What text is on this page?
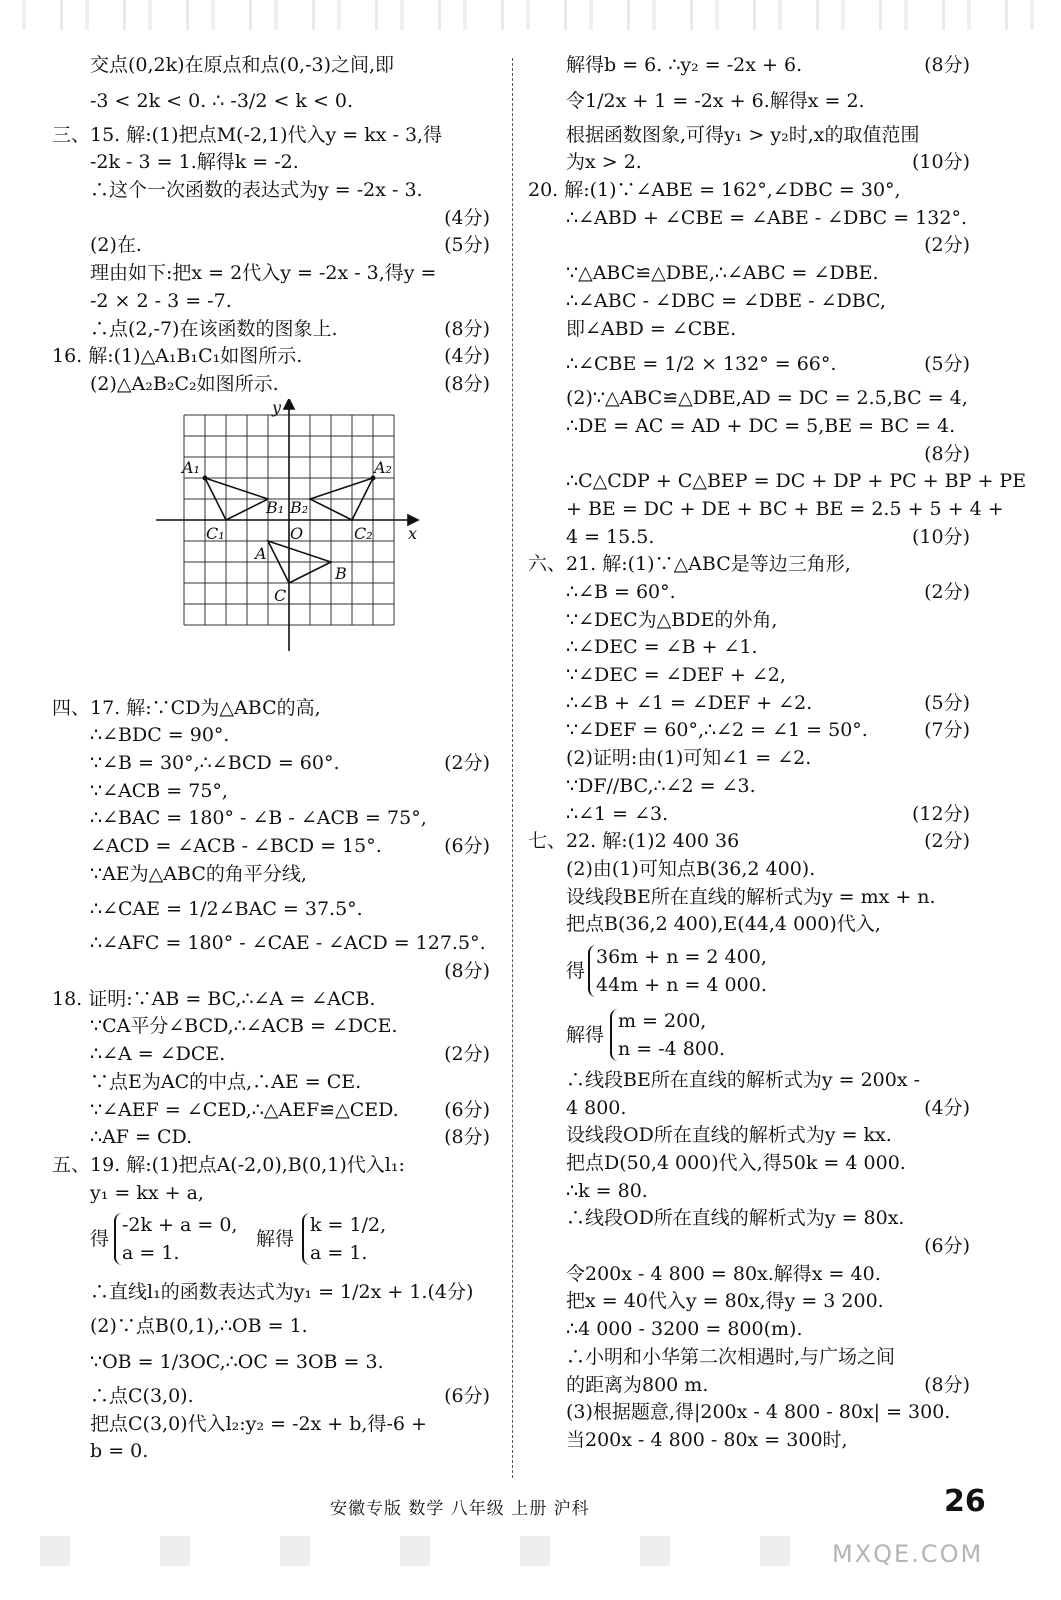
交点(0,2k)在原点和点(0,-3)之间,即
-3 < 2k < 0. ∴ -3/2 < k < 0.
三、15. 解:(1)把点M(-2,1)代入y = kx - 3,得
-2k - 3 = 1.解得k = -2.
∴这个一次函数的表达式为y = -2x - 3.
(4分)
(2)在.	(5分)
理由如下:把x = 2代入y = -2x - 3,得y =
-2 × 2 - 3 = -7.
∴点(2,-7)在该函数的图象上.	(8分)
16. 解:(1)△A₁B₁C₁如图所示.	(4分)
(2)△A₂B₂C₂如图所示.	(8分)
A₁
B₁
C₁
A₂
B₂
C₂
A
B
C
O	x
y
四、17. 解:∵CD为△ABC的高,
∴∠BDC = 90°.
∵∠B = 30°,∴∠BCD = 60°.	(2分)
∵∠ACB = 75°,
∴∠BAC = 180° - ∠B - ∠ACB = 75°,
∠ACD = ∠ACB - ∠BCD = 15°.	(6分)
∵AE为△ABC的角平分线,
∴∠CAE = 1/2∠BAC = 37.5°.
∴∠AFC = 180° - ∠CAE - ∠ACD = 127.5°.
(8分)
18. 证明:∵AB = BC,∴∠A = ∠ACB.
∵CA平分∠BCD,∴∠ACB = ∠DCE.
∴∠A = ∠DCE.	(2分)
∵点E为AC的中点,∴AE = CE.
∵∠AEF = ∠CED,∴△AEF≌△CED. (6分)
∴AF = CD.	(8分)
五、19. 解:(1)把点A(-2,0),B(0,1)代入l₁:
y₁ = kx + a,
得
-2k + a = 0,
a = 1.
解得
k = 1/2,
a = 1.
∴直线l₁的函数表达式为y₁ = 1/2x + 1.(4分)
(2)∵点B(0,1),∴OB = 1.
∵OB = 1/3OC,∴OC = 3OB = 3.
∴点C(3,0).	(6分)
把点C(3,0)代入l₂:y₂ = -2x + b,得-6 +
b = 0.
解得b = 6. ∴y₂ = -2x + 6.	(8分)
令1/2x + 1 = -2x + 6.解得x = 2.
根据函数图象,可得y₁ > y₂时,x的取值范围
为x > 2.	(10分)
20. 解:(1)∵∠ABE = 162°,∠DBC = 30°,
∴∠ABD + ∠CBE = ∠ABE - ∠DBC = 132°.
(2分)
∵△ABC≌△DBE,∴∠ABC = ∠DBE.
∴∠ABC - ∠DBC = ∠DBE - ∠DBC,
即∠ABD = ∠CBE.
∴∠CBE = 1/2 × 132° = 66°.	(5分)
(2)∵△ABC≌△DBE,AD = DC = 2.5,BC = 4,
∴DE = AC = AD + DC = 5,BE = BC = 4.
(8分)
∴C△CDP + C△BEP = DC + DP + PC + BP + PE
+ BE = DC + DE + BC + BE = 2.5 + 5 + 4 +
4 = 15.5.	(10分)
六、21. 解:(1)∵△ABC是等边三角形,
∴∠B = 60°.	(2分)
∵∠DEC为△BDE的外角,
∴∠DEC = ∠B + ∠1.
∵∠DEC = ∠DEF + ∠2,
∴∠B + ∠1 = ∠DEF + ∠2.	(5分)
∵∠DEF = 60°,∴∠2 = ∠1 = 50°.	(7分)
(2)证明:由(1)可知∠1 = ∠2.
∵DF//BC,∴∠2 = ∠3.
∴∠1 = ∠3.	(12分)
七、22. 解:(1)2 400 36	(2分)
(2)由(1)可知点B(36,2 400).
设线段BE所在直线的解析式为y = mx + n.
把点B(36,2 400),E(44,4 000)代入,
得
36m + n = 2 400,
44m + n = 4 000.
解得
m = 200,
n = -4 800.
∴线段BE所在直线的解析式为y = 200x -
4 800.	(4分)
设线段OD所在直线的解析式为y = kx.
把点D(50,4 000)代入,得50k = 4 000.
∴k = 80.
∴线段OD所在直线的解析式为y = 80x.
(6分)
令200x - 4 800 = 80x.解得x = 40.
把x = 40代入y = 80x,得y = 3 200.
∴4 000 - 3200 = 800(m).
∴小明和小华第二次相遇时,与广场之间
的距离为800 m.	(8分)
(3)根据题意,得|200x - 4 800 - 80x| = 300.
当200x - 4 800 - 80x = 300时,
安徽专版 数学 八年级 上册 沪科	26
MXQE.COM
